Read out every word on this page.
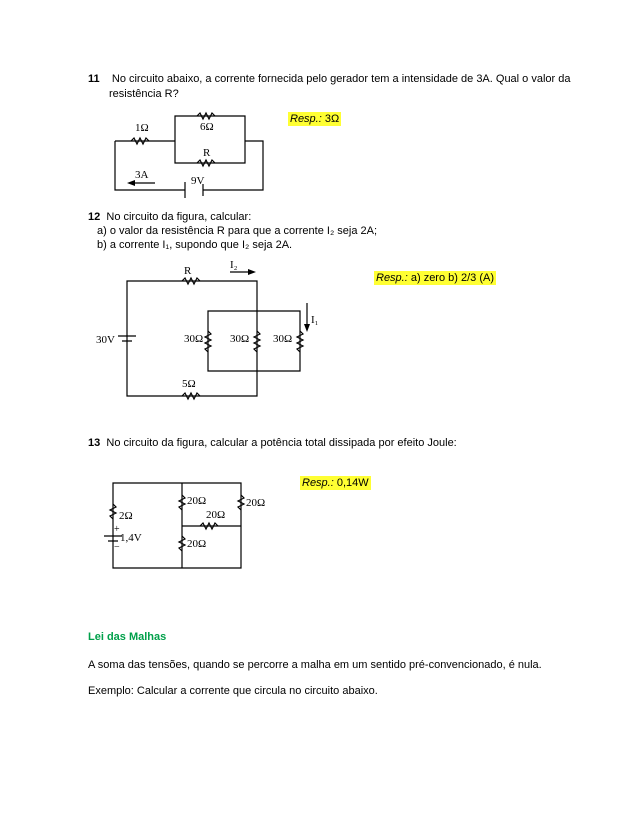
11 No circuito abaixo, a corrente fornecida pelo gerador tem a intensidade de 3A. Qual o valor da
resistência R?
Resp.: 3Ω
1Ω	6Ω
R
3A	9V
12 No circuito da figura, calcular:
a) o valor da resistência R para que a corrente I₂ seja 2A;
b) a corrente I₁, supondo que I₂ seja 2A.
Resp.: a) zero b) 2/3 (A)
R	I₂
I₁
30V	30Ω 30Ω 30Ω
5Ω
13 No circuito da figura, calcular a potência total dissipada por efeito Joule:
Resp.: 0,14W
2Ω
20Ω	20Ω
20Ω
20Ω
1,4V
+
−
Lei das Malhas
A soma das tensões, quando se percorre a malha em um sentido pré-convencionado, é nula.
Exemplo: Calcular a corrente que circula no circuito abaixo.
